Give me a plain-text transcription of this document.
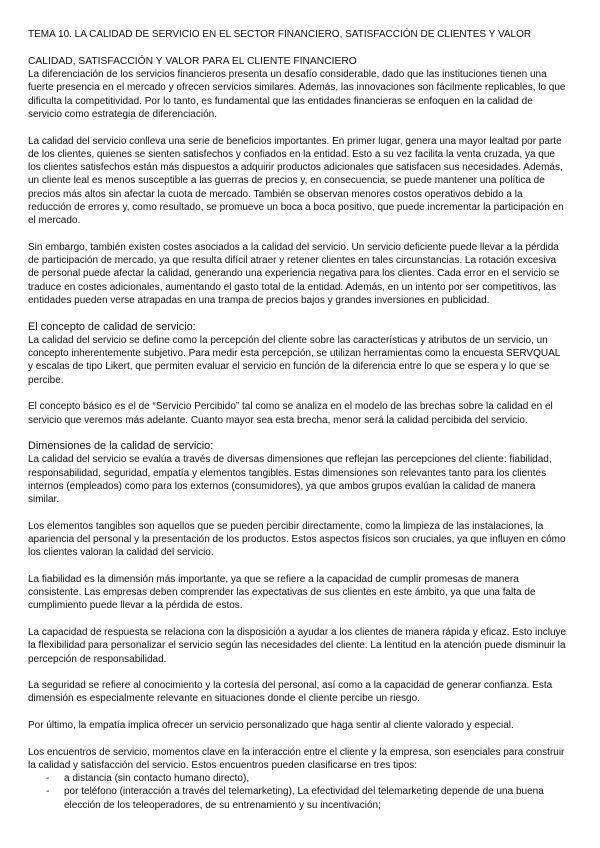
TEMA 10. LA CALIDAD DE SERVICIO EN EL SECTOR FINANCIERO, SATISFACCIÓN DE CLIENTES Y VALOR
CALIDAD, SATISFACCIÓN Y VALOR PARA EL CLIENTE FINANCIERO
La diferenciación de los servicios financieros presenta un desafío considerable, dado que las instituciones tienen una
fuerte presencia en el mercado y ofrecen servicios similares. Además, las innovaciones son fácilmente replicables, lo que
dificulta la competitividad. Por lo tanto, es fundamental que las entidades financieras se enfoquen en la calidad de
servicio como estrategia de diferenciación.
La calidad del servicio conlleva una serie de beneficios importantes. En primer lugar, genera una mayor lealtad por parte
de los clientes, quienes se sienten satisfechos y confiados en la entidad. Esto a su vez facilita la venta cruzada, ya que
los clientes satisfechos están más dispuestos a adquirir productos adicionales que satisfacen sus necesidades. Además,
un cliente leal es menos susceptible a las guerras de precios y, en consecuencia, se puede mantener una política de
precios más altos sin afectar la cuota de mercado. También se observan menores costos operativos debido a la
reducción de errores y, como resultado, se promueve un boca a boca positivo, que puede incrementar la participación en
el mercado.
Sin embargo, también existen costes asociados a la calidad del servicio. Un servicio deficiente puede llevar a la pérdida
de participación de mercado, ya que resulta difícil atraer y retener clientes en tales circunstancias. La rotación excesiva
de personal puede afectar la calidad, generando una experiencia negativa para los clientes. Cada error en el servicio se
traduce en costes adicionales, aumentando el gasto total de la entidad. Además, en un intento por ser competitivos, las
entidades pueden verse atrapadas en una trampa de precios bajos y grandes inversiones en publicidad.
El concepto de calidad de servicio:
La calidad del servicio se define como la percepción del cliente sobre las características y atributos de un servicio, un
concepto inherentemente subjetivo. Para medir esta percepción, se utilizan herramientas como la encuesta SERVQUAL
y escalas de tipo Likert, que permiten evaluar el servicio en función de la diferencia entre lo que se espera y lo que se
percibe.
El concepto básico es el de “Servicio Percibido” tal como se analiza en el modelo de las brechas sobre la calidad en el
servicio que veremos más adelante. Cuanto mayor sea esta brecha, menor será la calidad percibida del servicio.
Dimensiones de la calidad de servicio:
La calidad del servicio se evalúa a través de diversas dimensiones que reflejan las percepciones del cliente: fiabilidad,
responsabilidad, seguridad, empatía y elementos tangibles. Estas dimensiones son relevantes tanto para los clientes
internos (empleados) como para los externos (consumidores), ya que ambos grupos evalúan la calidad de manera
similar.
Los elementos tangibles son aquellos que se pueden percibir directamente, como la limpieza de las instalaciones, la
apariencia del personal y la presentación de los productos. Estos aspectos físicos son cruciales, ya que influyen en cómo
los clientes valoran la calidad del servicio.
La fiabilidad es la dimensión más importante, ya que se refiere a la capacidad de cumplir promesas de manera
consistente. Las empresas deben comprender las expectativas de sus clientes en este ámbito, ya que una falta de
cumplimiento puede llevar a la pérdida de estos.
La capacidad de respuesta se relaciona con la disposición a ayudar a los clientes de manera rápida y eficaz. Esto incluye
la flexibilidad para personalizar el servicio según las necesidades del cliente. La lentitud en la atención puede disminuir la
percepción de responsabilidad.
La seguridad se refiere al conocimiento y la cortesía del personal, así como a la capacidad de generar confianza. Esta
dimensión es especialmente relevante en situaciones donde el cliente percibe un riesgo.
Por último, la empatía implica ofrecer un servicio personalizado que haga sentir al cliente valorado y especial.
Los encuentros de servicio, momentos clave en la interacción entre el cliente y la empresa, son esenciales para construir
la calidad y satisfacción del servicio. Estos encuentros pueden clasificarse en tres tipos:
- a distancia (sin contacto humano directo),
- por teléfono (interacción a través del telemarketing), La efectividad del telemarketing depende de una buena
elección de los teleoperadores, de su entrenamiento y su incentivación;
